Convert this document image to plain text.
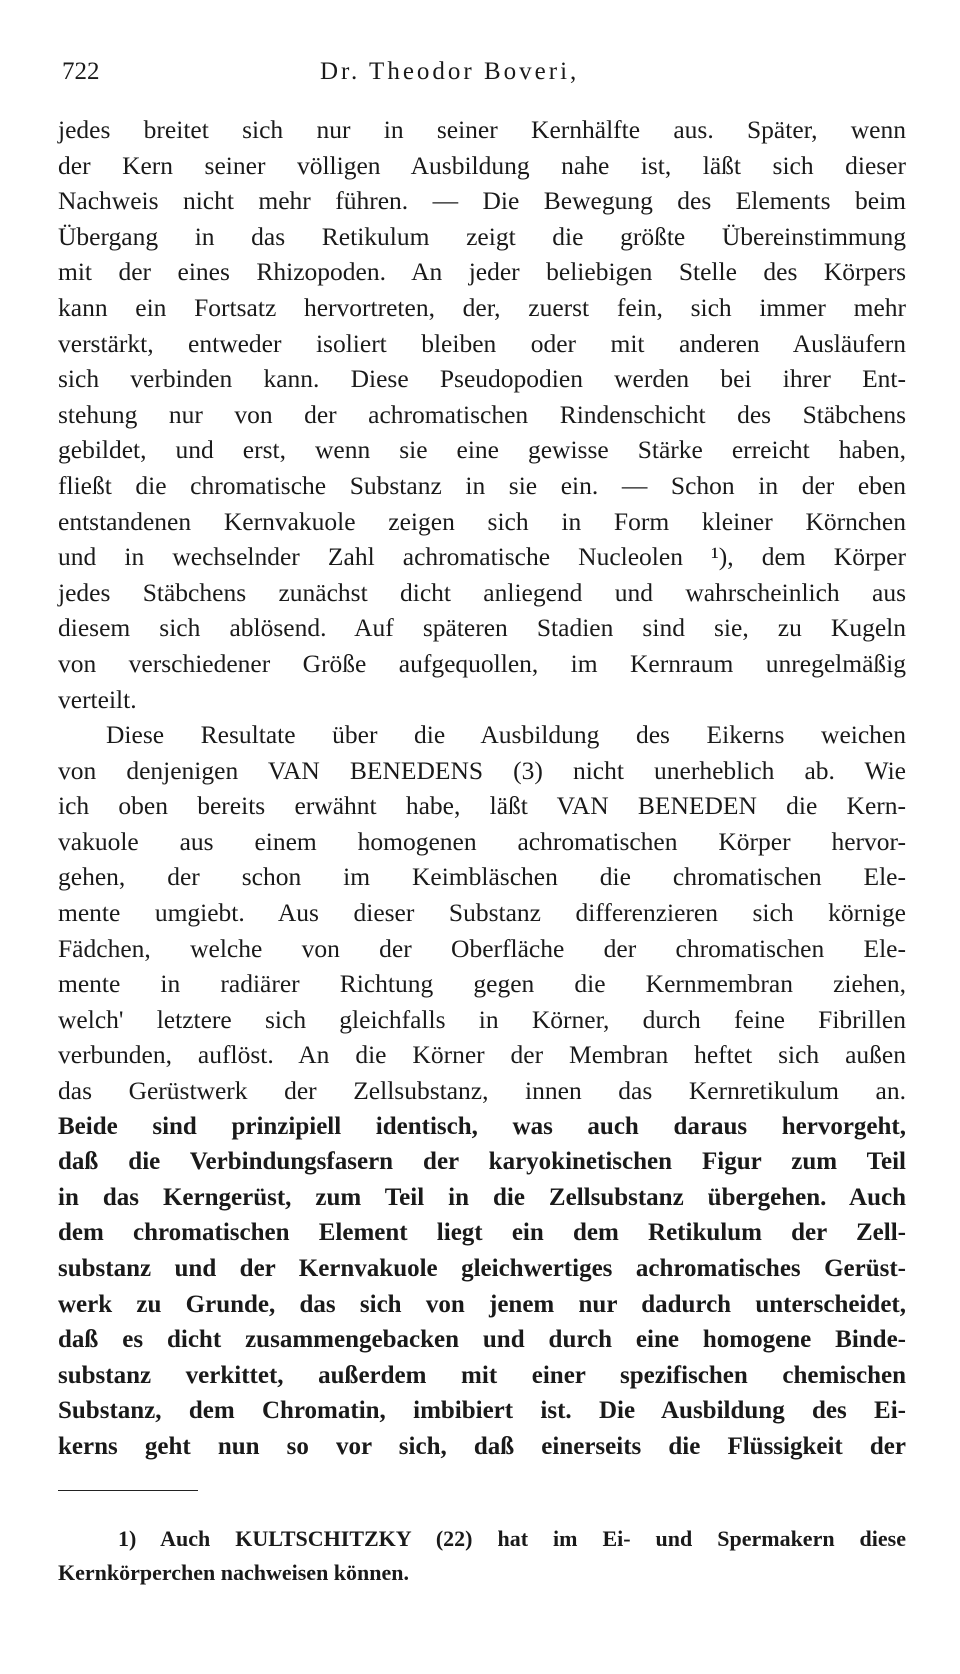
722	Dr. Theodor Boveri,
jedes breitet sich nur in seiner Kernhälfte aus. Später, wenn
der Kern seiner völligen Ausbildung nahe ist, läßt sich dieser
Nachweis nicht mehr führen. — Die Bewegung des Elements beim
Übergang in das Retikulum zeigt die größte Übereinstimmung
mit der eines Rhizopoden. An jeder beliebigen Stelle des Körpers
kann ein Fortsatz hervortreten, der, zuerst fein, sich immer mehr
verstärkt, entweder isoliert bleiben oder mit anderen Ausläufern
sich verbinden kann. Diese Pseudopodien werden bei ihrer Ent-
stehung nur von der achromatischen Rindenschicht des Stäbchens
gebildet, und erst, wenn sie eine gewisse Stärke erreicht haben,
fließt die chromatische Substanz in sie ein. — Schon in der eben
entstandenen Kernvakuole zeigen sich in Form kleiner Körnchen
und in wechselnder Zahl achromatische Nucleolen ¹), dem Körper
jedes Stäbchens zunächst dicht anliegend und wahrscheinlich aus
diesem sich ablösend. Auf späteren Stadien sind sie, zu Kugeln
von verschiedener Größe aufgequollen, im Kernraum unregelmäßig
verteilt.
Diese Resultate über die Ausbildung des Eikerns weichen
von denjenigen VAN BENEDENS (3) nicht unerheblich ab. Wie
ich oben bereits erwähnt habe, läßt VAN BENEDEN die Kern-
vakuole aus einem homogenen achromatischen Körper hervor-
gehen, der schon im Keimbläschen die chromatischen Ele-
mente umgiebt. Aus dieser Substanz differenzieren sich körnige
Fädchen, welche von der Oberfläche der chromatischen Ele-
mente in radiärer Richtung gegen die Kernmembran ziehen,
welch' letztere sich gleichfalls in Körner, durch feine Fibrillen
verbunden, auflöst. An die Körner der Membran heftet sich außen
das Gerüstwerk der Zellsubstanz, innen das Kernretikulum an.
Beide sind prinzipiell identisch, was auch daraus hervorgeht,
daß die Verbindungsfasern der karyokinetischen Figur zum Teil
in das Kerngerüst, zum Teil in die Zellsubstanz übergehen. Auch
dem chromatischen Element liegt ein dem Retikulum der Zell-
substanz und der Kernvakuole gleichwertiges achromatisches Gerüst-
werk zu Grunde, das sich von jenem nur dadurch unterscheidet,
daß es dicht zusammengebacken und durch eine homogene Binde-
substanz verkittet, außerdem mit einer spezifischen chemischen
Substanz, dem Chromatin, imbibiert ist. Die Ausbildung des Ei-
kerns geht nun so vor sich, daß einerseits die Flüssigkeit der
1) Auch KULTSCHITZKY (22) hat im Ei- und Spermakern diese
Kernkörperchen nachweisen können.
